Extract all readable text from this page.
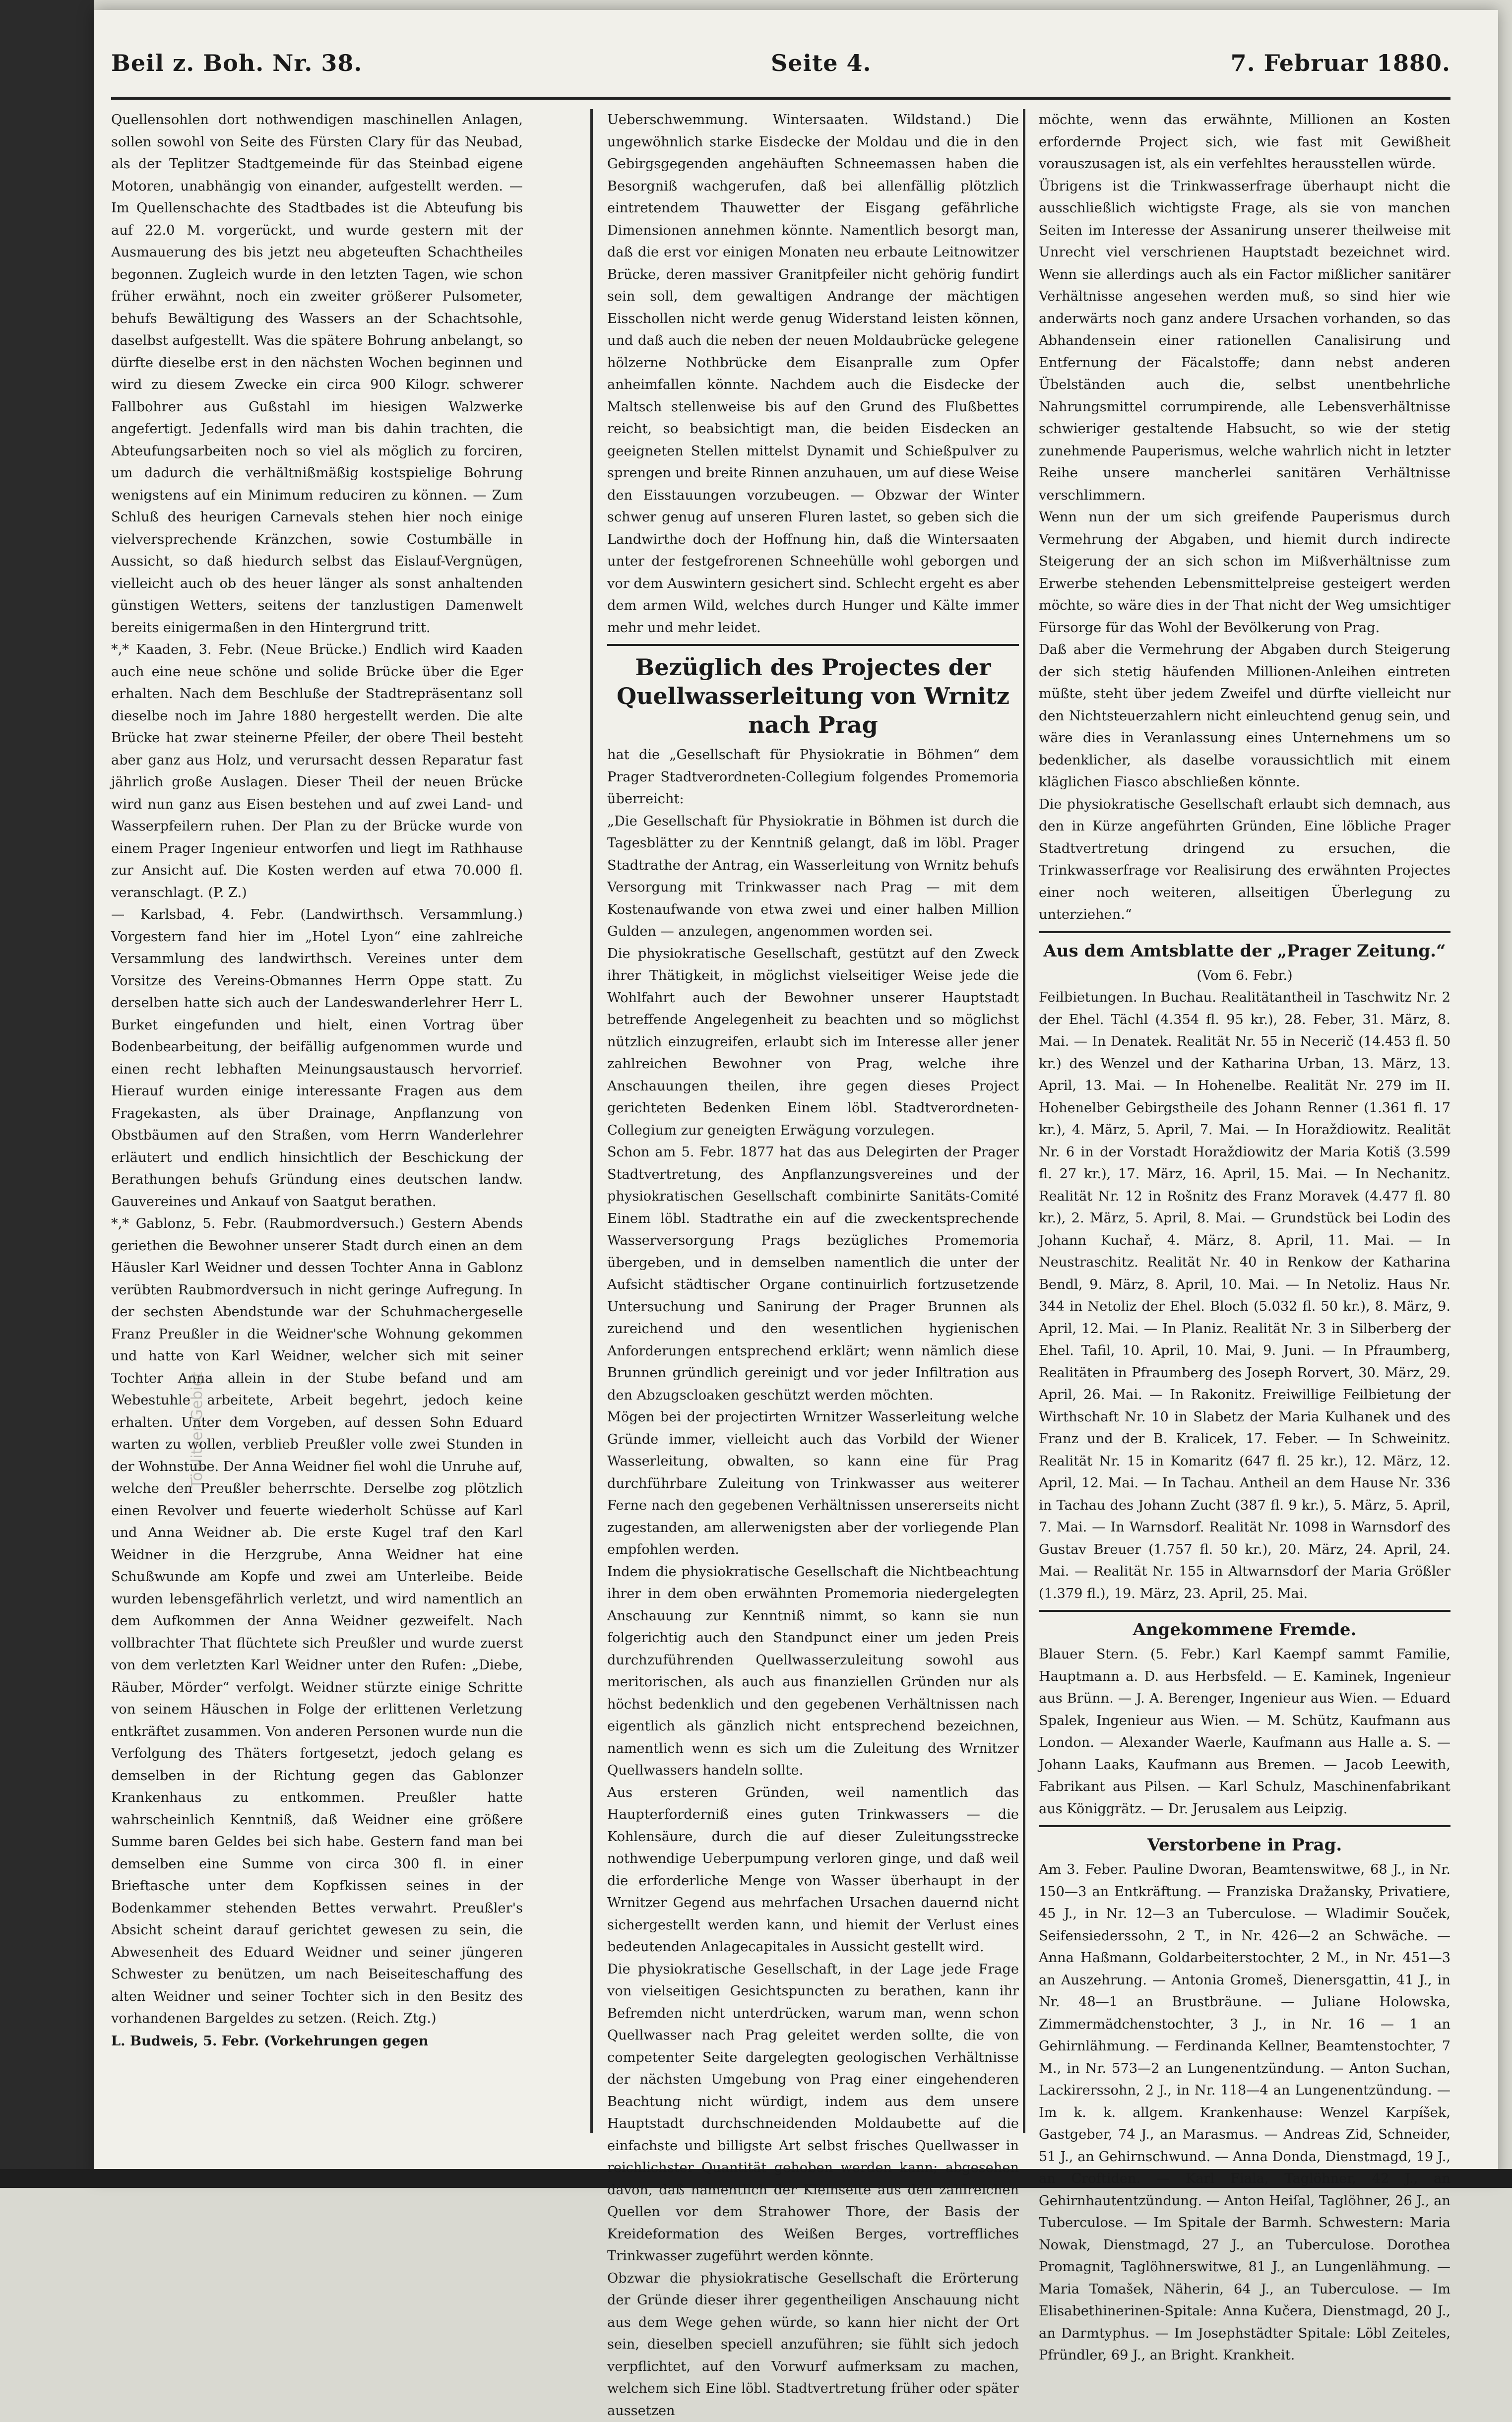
Beil z. Boh. Nr. 38.	Seite 4.	7. Februar 1880.

Quellensohlen dort nothwendigen maschinellen Anlagen, sollen sowohl von Seite des Fürsten Clary für das Neubad, als der Teplitzer Stadtgemeinde für das Steinbad eigene Motoren, unabhängig von einander, aufgestellt werden. — Im Quellenschachte des Stadtbades ist die Abteufung bis auf 22.0 M. vorgerückt, und wurde gestern mit der Ausmauerung des bis jetzt neu abgeteuften Schachtheiles begonnen. Zugleich wurde in den letzten Tagen, wie schon früher erwähnt, noch ein zweiter größerer Pulsometer, behufs Bewältigung des Wassers an der Schachtsohle, daselbst aufgestellt. Was die spätere Bohrung anbelangt, so dürfte dieselbe erst in den nächsten Wochen beginnen und wird zu diesem Zwecke ein circa 900 Kilogr. schwerer Fallbohrer aus Gußstahl im hiesigen Walzwerke angefertigt. Jedenfalls wird man bis dahin trachten, die Abteufungsarbeiten noch so viel als möglich zu forciren, um dadurch die verhältnißmäßig kostspielige Bohrung wenigstens auf ein Minimum reduciren zu können. — Zum Schluß des heurigen Carnevals stehen hier noch einige vielversprechende Kränzchen, sowie Costumbälle in Aussicht, so daß hiedurch selbst das Eislauf-Vergnügen, vielleicht auch ob des heuer länger als sonst anhaltenden günstigen Wetters, seitens der tanzlustigen Damenwelt bereits einigermaßen in den Hintergrund tritt.

*,* Kaaden, 3. Febr. (Neue Brücke.) Endlich wird Kaaden auch eine neue schöne und solide Brücke über die Eger erhalten. Nach dem Beschluße der Stadtrepräsentanz soll dieselbe noch im Jahre 1880 hergestellt werden. Die alte Brücke hat zwar steinerne Pfeiler, der obere Theil besteht aber ganz aus Holz, und verursacht dessen Reparatur fast jährlich große Auslagen. Dieser Theil der neuen Brücke wird nun ganz aus Eisen bestehen und auf zwei Land- und Wasserpfeilern ruhen. Der Plan zu der Brücke wurde von einem Prager Ingenieur entworfen und liegt im Rathhause zur Ansicht auf. Die Kosten werden auf etwa 70.000 fl. veranschlagt. (P. Z.)

— Karlsbad, 4. Febr. (Landwirthsch. Versammlung.) Vorgestern fand hier im „Hotel Lyon“ eine zahlreiche Versammlung des landwirthsch. Vereines unter dem Vorsitze des Vereins-Obmannes Herrn Oppe statt. Zu derselben hatte sich auch der Landeswanderlehrer Herr L. Burket eingefunden und hielt, einen Vortrag über Bodenbearbeitung, der beifällig aufgenommen wurde und einen recht lebhaften Meinungsaustausch hervorrief. Hierauf wurden einige interessante Fragen aus dem Fragekasten, als über Drainage, Anpflanzung von Obstbäumen auf den Straßen, vom Herrn Wanderlehrer erläutert und endlich hinsichtlich der Beschickung der Berathungen behufs Gründung eines deutschen landw. Gauvereines und Ankauf von Saatgut berathen.

*,* Gablonz, 5. Febr. (Raubmordversuch.) Gestern Abends geriethen die Bewohner unserer Stadt durch einen an dem Häusler Karl Weidner und dessen Tochter Anna in Gablonz verübten Raubmordversuch in nicht geringe Aufregung. In der sechsten Abendstunde war der Schuhmachergeselle Franz Preußler in die Weidner'sche Wohnung gekommen und hatte von Karl Weidner, welcher sich mit seiner Tochter Anna allein in der Stube befand und am Webestuhle arbeitete, Arbeit begehrt, jedoch keine erhalten. Unter dem Vorgeben, auf dessen Sohn Eduard warten zu wollen, verblieb Preußler volle zwei Stunden in der Wohnstube. Der Anna Weidner fiel wohl die Unruhe auf, welche den Preußler beherrschte. Derselbe zog plötzlich einen Revolver und feuerte wiederholt Schüsse auf Karl und Anna Weidner ab. Die erste Kugel traf den Karl Weidner in die Herzgrube, Anna Weidner hat eine Schußwunde am Kopfe und zwei am Unterleibe. Beide wurden lebensgefährlich verletzt, und wird namentlich an dem Aufkommen der Anna Weidner gezweifelt. Nach vollbrachter That flüchtete sich Preußler und wurde zuerst von dem verletzten Karl Weidner unter den Rufen: „Diebe, Räuber, Mörder“ verfolgt. Weidner stürzte einige Schritte von seinem Häuschen in Folge der erlittenen Verletzung entkräftet zusammen. Von anderen Personen wurde nun die Verfolgung des Thäters fortgesetzt, jedoch gelang es demselben in der Richtung gegen das Gablonzer Krankenhaus zu entkommen. Preußler hatte wahrscheinlich Kenntniß, daß Weidner eine größere Summe baren Geldes bei sich habe. Gestern fand man bei demselben eine Summe von circa 300 fl. in einer Brieftasche unter dem Kopfkissen seines in der Bodenkammer stehenden Bettes verwahrt. Preußler's Absicht scheint darauf gerichtet gewesen zu sein, die Abwesenheit des Eduard Weidner und seiner jüngeren Schwester zu benützen, um nach Beiseiteschaffung des alten Weidner und seiner Tochter sich in den Besitz des vorhandenen Bargeldes zu setzen. (Reich. Ztg.)

L. Budweis, 5. Febr. (Vorkehrungen gegen

Ueberschwemmung. Wintersaaten. Wildstand.) Die ungewöhnlich starke Eisdecke der Moldau und die in den Gebirgsgegenden angehäuften Schneemassen haben die Besorgniß wachgerufen, daß bei allenfällig plötzlich eintretendem Thauwetter der Eisgang gefährliche Dimensionen annehmen könnte. Namentlich besorgt man, daß die erst vor einigen Monaten neu erbaute Leitnowitzer Brücke, deren massiver Granitpfeiler nicht gehörig fundirt sein soll, dem gewaltigen Andrange der mächtigen Eisschollen nicht werde genug Widerstand leisten können, und daß auch die neben der neuen Moldaubrücke gelegene hölzerne Nothbrücke dem Eisanpralle zum Opfer anheimfallen könnte. Nachdem auch die Eisdecke der Maltsch stellenweise bis auf den Grund des Flußbettes reicht, so beabsichtigt man, die beiden Eisdecken an geeigneten Stellen mittelst Dynamit und Schießpulver zu sprengen und breite Rinnen anzuhauen, um auf diese Weise den Eisstauungen vorzubeugen. — Obzwar der Winter schwer genug auf unseren Fluren lastet, so geben sich die Landwirthe doch der Hoffnung hin, daß die Wintersaaten unter der festgefrorenen Schneehülle wohl geborgen und vor dem Auswintern gesichert sind. Schlecht ergeht es aber dem armen Wild, welches durch Hunger und Kälte immer mehr und mehr leidet.

Bezüglich des Projectes der Quellwasserleitung von Wrnitz nach Prag

hat die „Gesellschaft für Physiokratie in Böhmen“ dem Prager Stadtverordneten-Collegium folgendes Promemoria überreicht:

„Die Gesellschaft für Physiokratie in Böhmen ist durch die Tagesblätter zu der Kenntniß gelangt, daß im löbl. Prager Stadtrathe der Antrag, ein Wasserleitung von Wrnitz behufs Versorgung mit Trinkwasser nach Prag — mit dem Kostenaufwande von etwa zwei und einer halben Million Gulden — anzulegen, angenommen worden sei.

Die physiokratische Gesellschaft, gestützt auf den Zweck ihrer Thätigkeit, in möglichst vielseitiger Weise jede die Wohlfahrt auch der Bewohner unserer Hauptstadt betreffende Angelegenheit zu beachten und so möglichst nützlich einzugreifen, erlaubt sich im Interesse aller jener zahlreichen Bewohner von Prag, welche ihre Anschauungen theilen, ihre gegen dieses Project gerichteten Bedenken Einem löbl. Stadtverordneten-Collegium zur geneigten Erwägung vorzulegen.

Schon am 5. Febr. 1877 hat das aus Delegirten der Prager Stadtvertretung, des Anpflanzungsvereines und der physiokratischen Gesellschaft combinirte Sanitäts-Comité Einem löbl. Stadtrathe ein auf die zweckentsprechende Wasserversorgung Prags bezügliches Promemoria übergeben, und in demselben namentlich die unter der Aufsicht städtischer Organe continuirlich fortzusetzende Untersuchung und Sanirung der Prager Brunnen als zureichend und den wesentlichen hygienischen Anforderungen entsprechend erklärt; wenn nämlich diese Brunnen gründlich gereinigt und vor jeder Infiltration aus den Abzugscloaken geschützt werden möchten.

Mögen bei der projectirten Wrnitzer Wasserleitung welche Gründe immer, vielleicht auch das Vorbild der Wiener Wasserleitung, obwalten, so kann eine für Prag durchführbare Zuleitung von Trinkwasser aus weiterer Ferne nach den gegebenen Verhältnissen unsererseits nicht zugestanden, am allerwenigsten aber der vorliegende Plan empfohlen werden.

Indem die physiokratische Gesellschaft die Nichtbeachtung ihrer in dem oben erwähnten Promemoria niedergelegten Anschauung zur Kenntniß nimmt, so kann sie nun folgerichtig auch den Standpunct einer um jeden Preis durchzuführenden Quellwasserzuleitung sowohl aus meritorischen, als auch aus finanziellen Gründen nur als höchst bedenklich und den gegebenen Verhältnissen nach eigentlich als gänzlich nicht entsprechend bezeichnen, namentlich wenn es sich um die Zuleitung des Wrnitzer Quellwassers handeln sollte.

Aus ersteren Gründen, weil namentlich das Haupterforderniß eines guten Trinkwassers — die Kohlensäure, durch die auf dieser Zuleitungsstrecke nothwendige Ueberpumpung verloren ginge, und daß weil die erforderliche Menge von Wasser überhaupt in der Wrnitzer Gegend aus mehrfachen Ursachen dauernd nicht sichergestellt werden kann, und hiemit der Verlust eines bedeutenden Anlagecapitales in Aussicht gestellt wird.

Die physiokratische Gesellschaft, in der Lage jede Frage von vielseitigen Gesichtspuncten zu berathen, kann ihr Befremden nicht unterdrücken, warum man, wenn schon Quellwasser nach Prag geleitet werden sollte, die von competenter Seite dargelegten geologischen Verhältnisse der nächsten Umgebung von Prag einer eingehenderen Beachtung nicht würdigt, indem aus dem unsere Hauptstadt durchschneidenden Moldaubette auf die einfachste und billigste Art selbst frisches Quellwasser in reichlichster Quantität gehoben werden kann; abgesehen davon, daß namentlich der Kleinseite aus den zahlreichen Quellen vor dem Strahower Thore, der Basis der Kreideformation des Weißen Berges, vortreffliches Trinkwasser zugeführt werden könnte.

Obzwar die physiokratische Gesellschaft die Erörterung der Gründe dieser ihrer gegentheiligen Anschauung nicht aus dem Wege gehen würde, so kann hier nicht der Ort sein, dieselben speciell anzuführen; sie fühlt sich jedoch verpflichtet, auf den Vorwurf aufmerksam zu machen, welchem sich Eine löbl. Stadtvertretung früher oder später aussetzen

möchte, wenn das erwähnte, Millionen an Kosten erfordernde Project sich, wie fast mit Gewißheit vorauszusagen ist, als ein verfehltes herausstellen würde.

Übrigens ist die Trinkwasserfrage überhaupt nicht die ausschließlich wichtigste Frage, als sie von manchen Seiten im Interesse der Assanirung unserer theilweise mit Unrecht viel verschrienen Hauptstadt bezeichnet wird. Wenn sie allerdings auch als ein Factor mißlicher sanitärer Verhältnisse angesehen werden muß, so sind hier wie anderwärts noch ganz andere Ursachen vorhanden, so das Abhandensein einer rationellen Canalisirung und Entfernung der Fäcalstoffe; dann nebst anderen Übelständen auch die, selbst unentbehrliche Nahrungsmittel corrumpirende, alle Lebensverhältnisse schwieriger gestaltende Habsucht, so wie der stetig zunehmende Pauperismus, welche wahrlich nicht in letzter Reihe unsere mancherlei sanitären Verhältnisse verschlimmern.

Wenn nun der um sich greifende Pauperismus durch Vermehrung der Abgaben, und hiemit durch indirecte Steigerung der an sich schon im Mißverhältnisse zum Erwerbe stehenden Lebensmittelpreise gesteigert werden möchte, so wäre dies in der That nicht der Weg umsichtiger Fürsorge für das Wohl der Bevölkerung von Prag.

Daß aber die Vermehrung der Abgaben durch Steigerung der sich stetig häufenden Millionen-Anleihen eintreten müßte, steht über jedem Zweifel und dürfte vielleicht nur den Nichtsteuerzahlern nicht einleuchtend genug sein, und wäre dies in Veranlassung eines Unternehmens um so bedenklicher, als daselbe voraussichtlich mit einem kläglichen Fiasco abschließen könnte.

Die physiokratische Gesellschaft erlaubt sich demnach, aus den in Kürze angeführten Gründen, Eine löbliche Prager Stadtvertretung dringend zu ersuchen, die Trinkwasserfrage vor Realisirung des erwähnten Projectes einer noch weiteren, allseitigen Überlegung zu unterziehen.“

Aus dem Amtsblatte der „Prager Zeitung.“
(Vom 6. Febr.)

Feilbietungen. In Buchau. Realitätantheil in Taschwitz Nr. 2 der Ehel. Tächl (4.354 fl. 95 kr.), 28. Feber, 31. März, 8. Mai. — In Denatek. Realität Nr. 55 in Necerič (14.453 fl. 50 kr.) des Wenzel und der Katharina Urban, 13. März, 13. April, 13. Mai. — In Hohenelbe. Realität Nr. 279 im II. Hohenelber Gebirgstheile des Johann Renner (1.361 fl. 17 kr.), 4. März, 5. April, 7. Mai. — In Horaždiowitz. Realität Nr. 6 in der Vorstadt Horaždiowitz der Maria Kotiš (3.599 fl. 27 kr.), 17. März, 16. April, 15. Mai. — In Nechanitz. Realität Nr. 12 in Rošnitz des Franz Moravek (4.477 fl. 80 kr.), 2. März, 5. April, 8. Mai. — Grundstück bei Lodin des Johann Kuchař, 4. März, 8. April, 11. Mai. — In Neustraschitz. Realität Nr. 40 in Renkow der Katharina Bendl, 9. März, 8. April, 10. Mai. — In Netoliz. Haus Nr. 344 in Netoliz der Ehel. Bloch (5.032 fl. 50 kr.), 8. März, 9. April, 12. Mai. — In Planiz. Realität Nr. 3 in Silberberg der Ehel. Tafil, 10. April, 10. Mai, 9. Juni. — In Pfraumberg, Realitäten in Pfraumberg des Joseph Rorvert, 30. März, 29. April, 26. Mai. — In Rakonitz. Freiwillige Feilbietung der Wirthschaft Nr. 10 in Slabetz der Maria Kulhanek und des Franz und der B. Kralicek, 17. Feber. — In Schweinitz. Realität Nr. 15 in Komaritz (647 fl. 25 kr.), 12. März, 12. April, 12. Mai. — In Tachau. Antheil an dem Hause Nr. 336 in Tachau des Johann Zucht (387 fl. 9 kr.), 5. März, 5. April, 7. Mai. — In Warnsdorf. Realität Nr. 1098 in Warnsdorf des Gustav Breuer (1.757 fl. 50 kr.), 20. März, 24. April, 24. Mai. — Realität Nr. 155 in Altwarnsdorf der Maria Größler (1.379 fl.), 19. März, 23. April, 25. Mai.

Angekommene Fremde.

Blauer Stern. (5. Febr.) Karl Kaempf sammt Familie, Hauptmann a. D. aus Herbsfeld. — E. Kaminek, Ingenieur aus Brünn. — J. A. Berenger, Ingenieur aus Wien. — Eduard Spalek, Ingenieur aus Wien. — M. Schütz, Kaufmann aus London. — Alexander Waerle, Kaufmann aus Halle a. S. — Johann Laaks, Kaufmann aus Bremen. — Jacob Leewith, Fabrikant aus Pilsen. — Karl Schulz, Maschinenfabrikant aus Königgrätz. — Dr. Jerusalem aus Leipzig.

Verstorbene in Prag.

Am 3. Feber. Pauline Dworan, Beamtenswitwe, 68 J., in Nr. 150—3 an Entkräftung. — Franziska Dražansky, Privatiere, 45 J., in Nr. 12—3 an Tuberculose. — Wladimir Souček, Seifensiederssohn, 2 T., in Nr. 426—2 an Schwäche. — Anna Haßmann, Goldarbeiterstochter, 2 M., in Nr. 451—3 an Auszehrung. — Antonia Gromeš, Dienersgattin, 41 J., in Nr. 48—1 an Brustbräune. — Juliane Holowska, Zimmermädchenstochter, 3 J., in Nr. 16 — 1 an Gehirnlähmung. — Ferdinanda Kellner, Beamtenstochter, 7 M., in Nr. 573—2 an Lungenentzündung. — Anton Suchan, Lackirerssohn, 2 J., in Nr. 118—4 an Lungenentzündung. — Im k. k. allgem. Krankenhause: Wenzel Karpíšek, Gastgeber, 74 J., an Marasmus. — Andreas Zid, Schneider, 51 J., an Gehirnschwund. — Anna Donda, Dienstmagd, 19 J., an Croftiden. — Karl Fiala, Taglöhner, 42 J., an Gehirnhautentzündung. — Anton Heiſal, Taglöhner, 26 J., an Tuberculose. — Im Spitale der Barmh. Schwestern: Maria Nowak, Dienstmagd, 27 J., an Tuberculose. Dorothea Promagnit, Taglöhnerswitwe, 81 J., an Lungenlähmung. — Maria Tomašek, Näherin, 64 J., an Tuberculose. — Im Elisabethinerinen-Spitale: Anna Kučera, Dienstmagd, 20 J., an Darmtyphus. — Im Josephstädter Spitale: Löbl Zeiteles, Pfründler, 69 J., an Bright. Krankheit.

Töplitzer Gebiet
